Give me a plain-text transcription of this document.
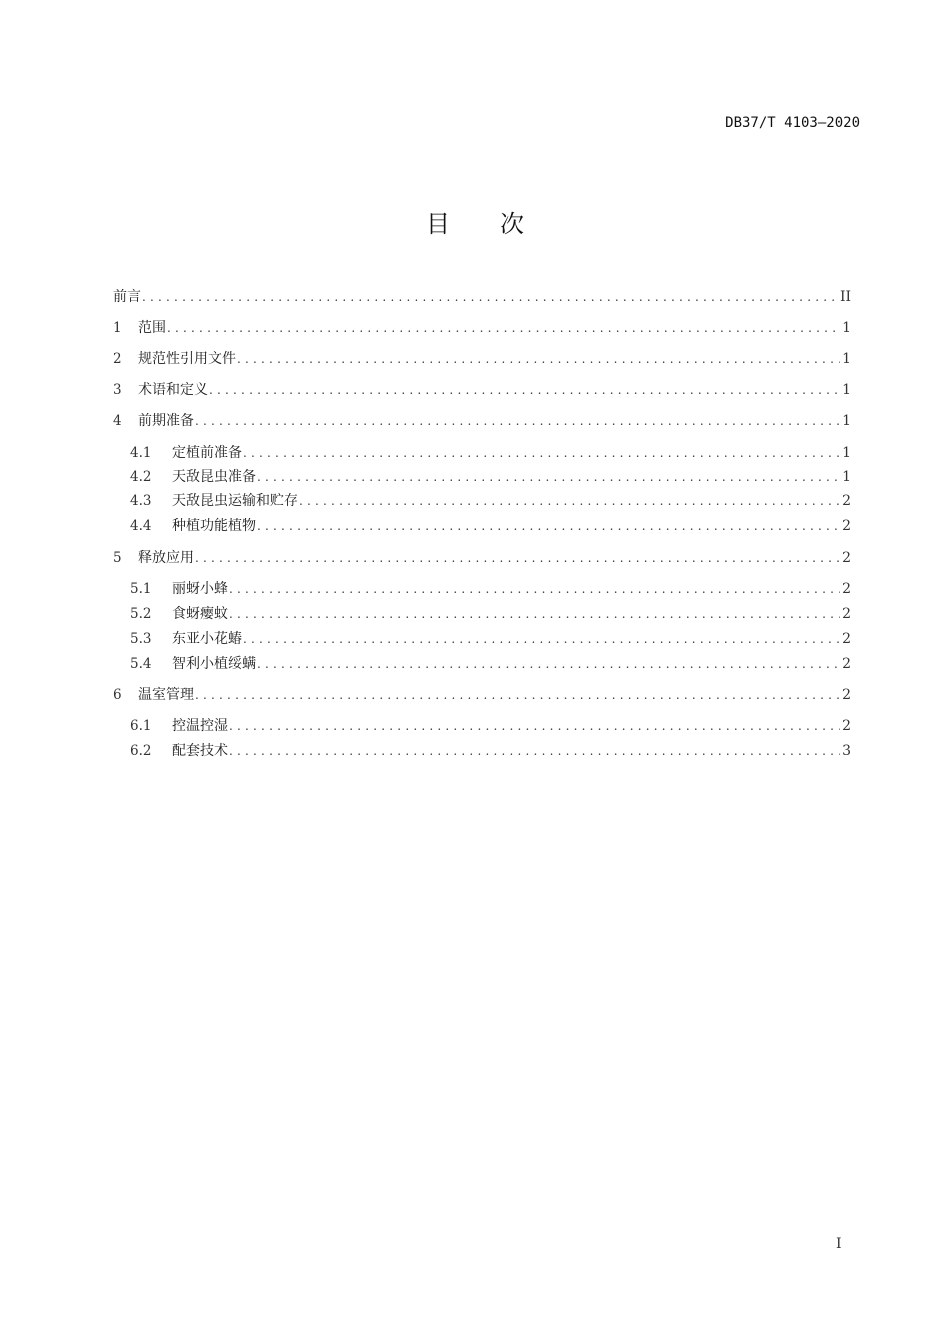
DB37/T 4103—2020
目 次
前言 .....	II
1	范围 .....	1
2	规范性引用文件 .....	1
3	术语和定义 .....	1
4	前期准备 .....	1
4.1	定植前准备 .....	1
4.2	天敌昆虫准备 .....	1
4.3	天敌昆虫运输和贮存 .....	2
4.4	种植功能植物 .....	2
5	释放应用 .....	2
5.1	丽蚜小蜂 .....	2
5.2	食蚜瘿蚊 .....	2
5.3	东亚小花蝽 .....	2
5.4	智利小植绥螨 .....	2
6	温室管理 .....	2
6.1	控温控湿 .....	2
6.2	配套技术 .....	3
I
